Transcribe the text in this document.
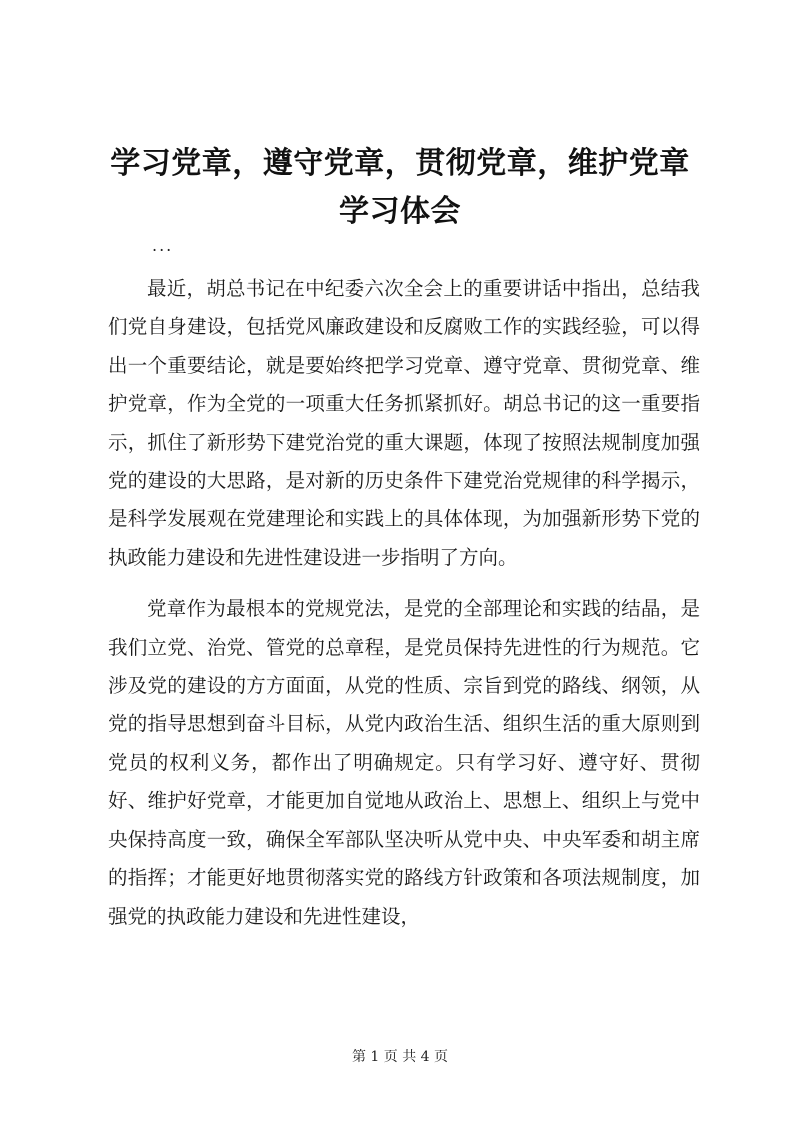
学习党章，遵守党章，贯彻党章，维护党章学习体会
...

最近，胡总书记在中纪委六次全会上的重要讲话中指出，总结我们党自身建设，包括党风廉政建设和反腐败工作的实践经验，可以得出一个重要结论，就是要始终把学习党章、遵守党章、贯彻党章、维护党章，作为全党的一项重大任务抓紧抓好。胡总书记的这一重要指示，抓住了新形势下建党治党的重大课题，体现了按照法规制度加强党的建设的大思路，是对新的历史条件下建党治党规律的科学揭示，是科学发展观在党建理论和实践上的具体体现，为加强新形势下党的执政能力建设和先进性建设进一步指明了方向。

党章作为最根本的党规党法，是党的全部理论和实践的结晶，是我们立党、治党、管党的总章程，是党员保持先进性的行为规范。它涉及党的建设的方方面面，从党的性质、宗旨到党的路线、纲领，从党的指导思想到奋斗目标，从党内政治生活、组织生活的重大原则到党员的权利义务，都作出了明确规定。只有学习好、遵守好、贯彻好、维护好党章，才能更加自觉地从政治上、思想上、组织上与党中央保持高度一致，确保全军部队坚决听从党中央、中央军委和胡主席的指挥；才能更好地贯彻落实党的路线方针政策和各项法规制度，加强党的执政能力建设和先进性建设，

第 1 页 共 4 页
